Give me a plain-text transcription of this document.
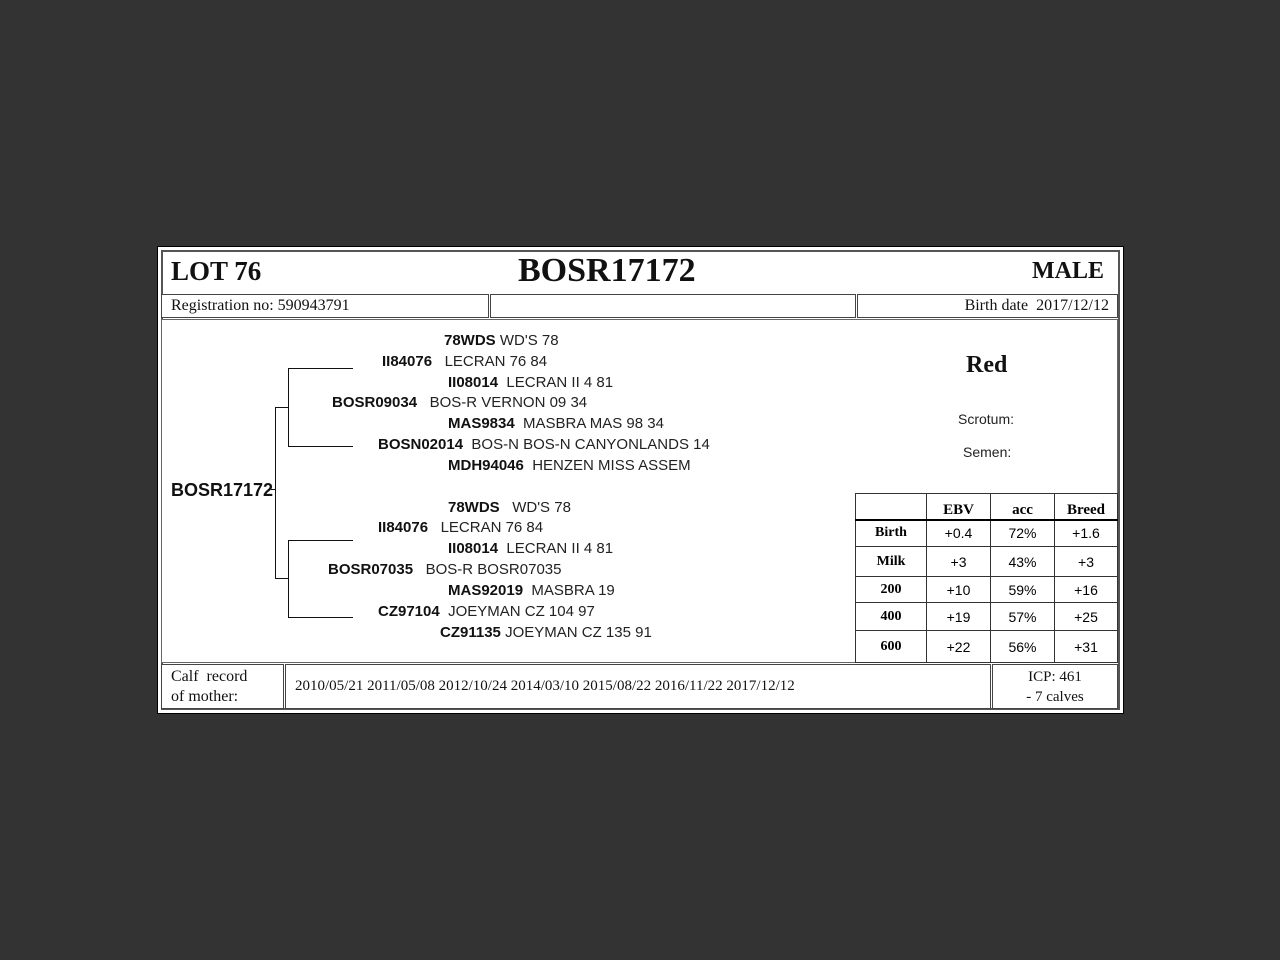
LOT 76	BOSR17172	MALE
Registration no: 590943791	Birth date 2017/12/12
BOSR17172
78WDS WD'S 78
II84076 LECRAN 76 84
II08014 LECRAN II 4 81
BOSR09034 BOS-R VERNON 09 34
MAS9834 MASBRA MAS 98 34
BOSN02014 BOS-N BOS-N CANYONLANDS 14
MDH94046 HENZEN MISS ASSEM
78WDS WD'S 78
II84076 LECRAN 76 84
II08014 LECRAN II 4 81
BOSR07035 BOS-R BOSR07035
MAS92019 MASBRA 19
CZ97104 JOEYMAN CZ 104 97
CZ91135 JOEYMAN CZ 135 91
Red
Scrotum:
Semen:
	EBV	acc	Breed
Birth	+0.4	72%	+1.6
Milk	+3	43%	+3
200	+10	59%	+16
400	+19	57%	+25
600	+22	56%	+31
Calf  record
of mother:
2010/05/21 2011/05/08 2012/10/24 2014/03/10 2015/08/22 2016/11/22 2017/12/12
ICP: 461
- 7 calves
